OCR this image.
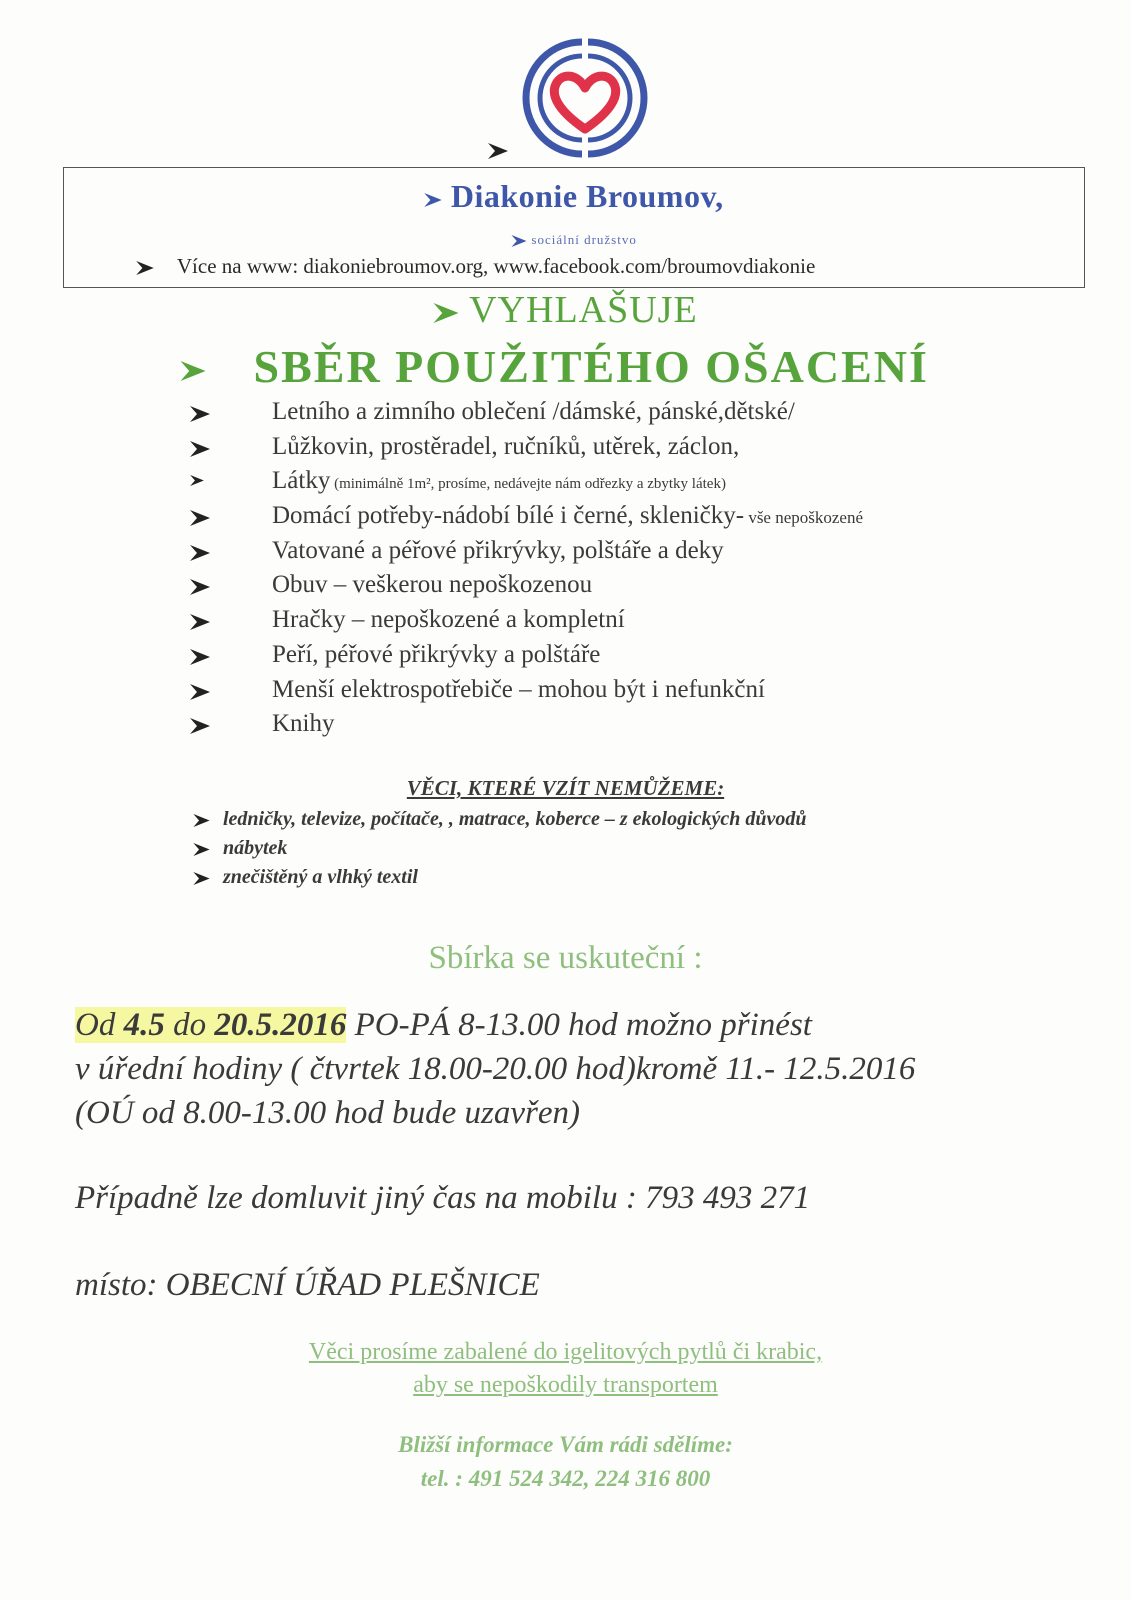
Diakonie Broumov,
sociální družstvo
Více na www: diakoniebroumov.org, www.facebook.com/broumovdiakonie
VYHLAŠUJE
SBĚR POUŽITÉHO OŠACENÍ
Letního a zimního oblečení /dámské, pánské,dětské/
Lůžkovin, prostěradel, ručníků, utěrek, záclon,
Látky (minimálně 1m², prosíme, nedávejte nám odřezky a zbytky látek)
Domácí potřeby-nádobí bílé i černé, skleničky- vše nepoškozené
Vatované a péřové přikrývky, polštáře a deky
Obuv – veškerou nepoškozenou
Hračky – nepoškozené a kompletní
Peří, péřové přikrývky a polštáře
Menší elektrospotřebiče – mohou být i nefunkční
Knihy
VĚCI, KTERÉ VZÍT NEMŮŽEME:
ledničky, televize, počítače, , matrace, koberce – z ekologických důvodů
nábytek
znečištěný a vlhký textil
Sbírka se uskuteční :
Od 4.5 do 20.5.2016 PO-PÁ 8-13.00 hod možno přinést
v úřední hodiny ( čtvrtek 18.00-20.00 hod)kromě 11.- 12.5.2016
(OÚ od 8.00-13.00 hod bude uzavřen)
Případně lze domluvit jiný čas na mobilu : 793 493 271
místo: OBECNÍ ÚŘAD PLEŠNICE
Věci prosíme zabalené do igelitových pytlů či krabic,
aby se nepoškodily transportem
Bližší informace Vám rádi sdělíme:
tel. : 491 524 342, 224 316 800
